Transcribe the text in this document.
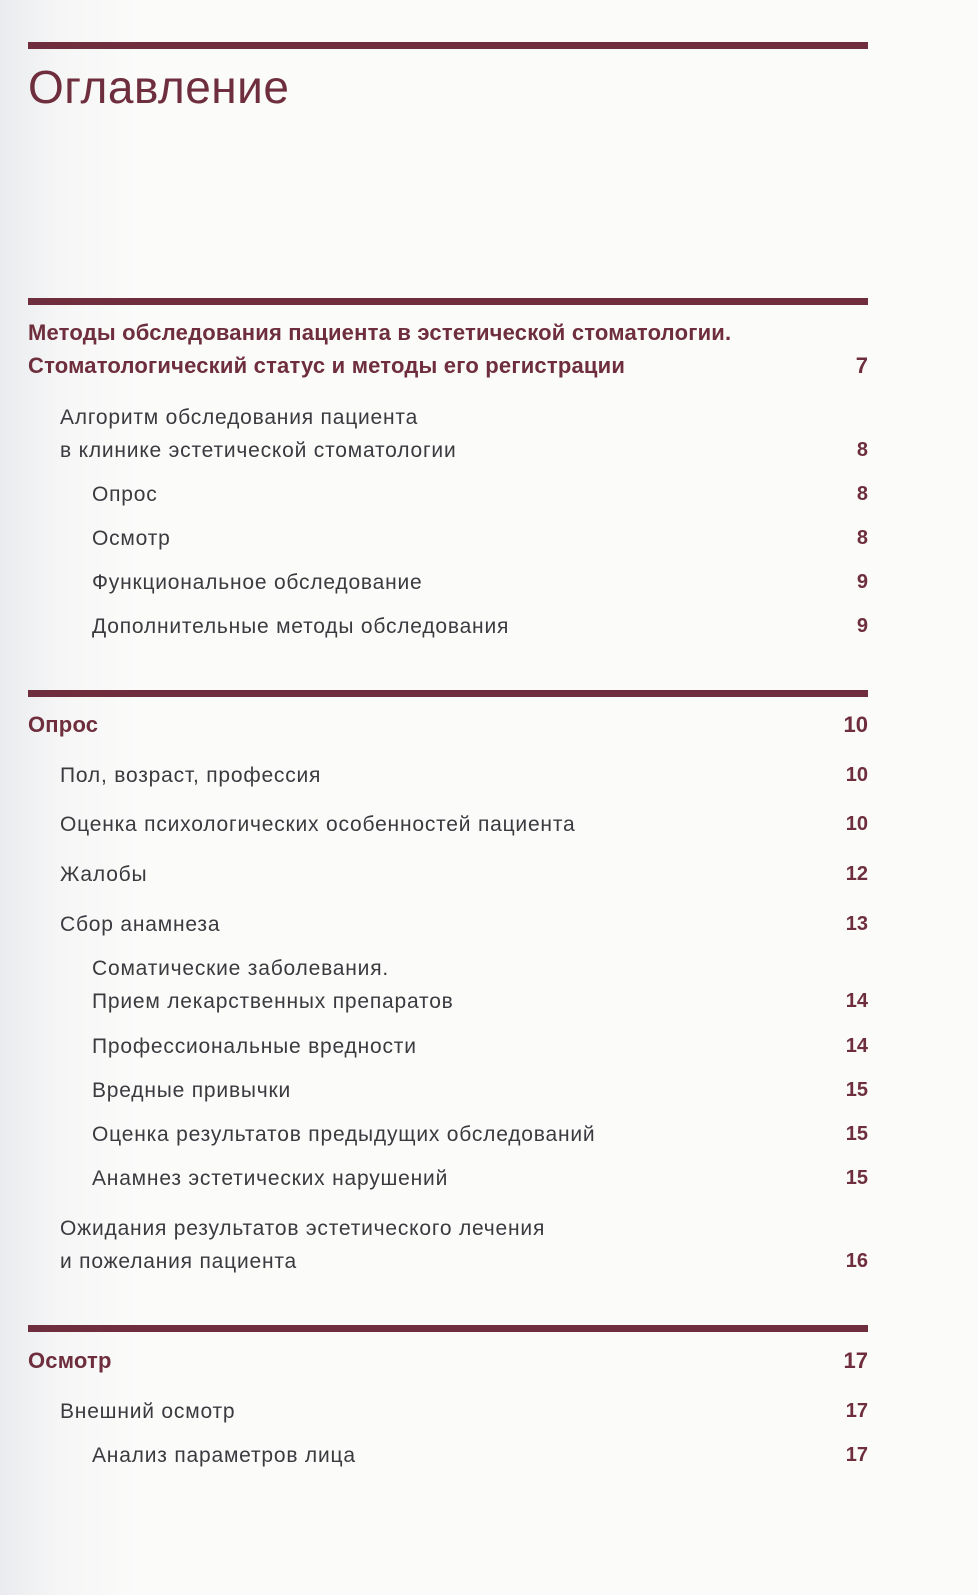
Оглавление
Методы обследования пациента в эстетической стоматологии.
Стоматологический статус и методы его регистрации	7
Алгоритм обследования пациента
в клинике эстетической стоматологии	8
Опрос	8
Осмотр	8
Функциональное обследование	9
Дополнительные методы обследования	9
Опрос	10
Пол, возраст, профессия	10
Оценка психологических особенностей пациента	10
Жалобы	12
Сбор анамнеза	13
Соматические заболевания.
Прием лекарственных препаратов	14
Профессиональные вредности	14
Вредные привычки	15
Оценка результатов предыдущих обследований	15
Анамнез эстетических нарушений	15
Ожидания результатов эстетического лечения
и пожелания пациента	16
Осмотр	17
Внешний осмотр	17
Анализ параметров лица	17
